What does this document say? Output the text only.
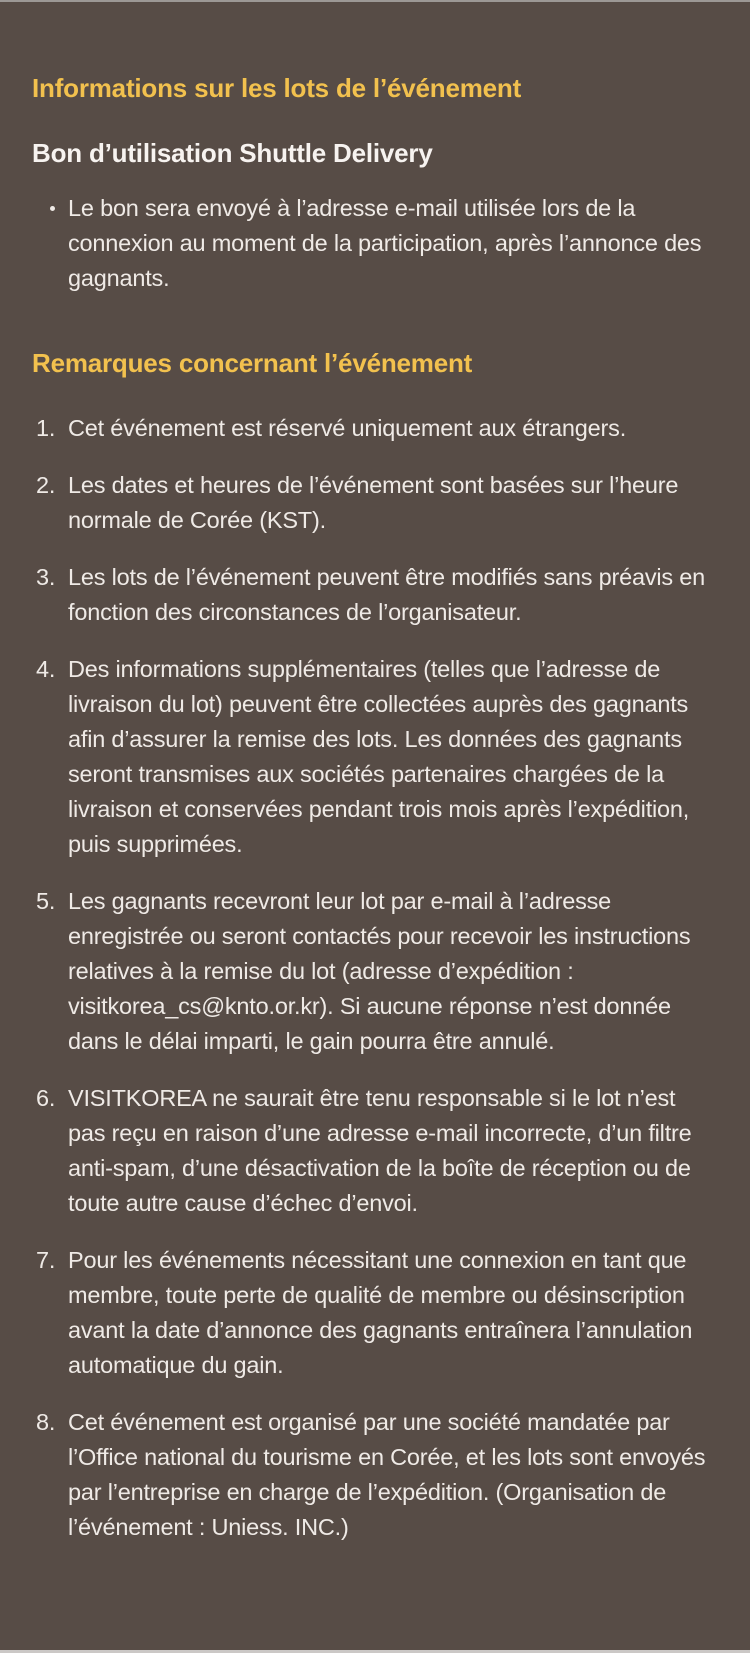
Informations sur les lots de l’événement

Bon d’utilisation Shuttle Delivery

Le bon sera envoyé à l’adresse e-mail utilisée lors de la connexion au moment de la participation, après l’annonce des gagnants.
Remarques concernant l’événement
Cet événement est réservé uniquement aux étrangers.
Les dates et heures de l’événement sont basées sur l’heure normale de Corée (KST).
Les lots de l’événement peuvent être modifiés sans préavis en fonction des circonstances de l’organisateur.
Des informations supplémentaires (telles que l’adresse de livraison du lot) peuvent être collectées auprès des gagnants afin d’assurer la remise des lots. Les données des gagnants seront transmises aux sociétés partenaires chargées de la livraison et conservées pendant trois mois après l’expédition, puis supprimées.
Les gagnants recevront leur lot par e-mail à l’adresse enregistrée ou seront contactés pour recevoir les instructions relatives à la remise du lot (adresse d’expédition : visitkorea_cs@knto.or.kr). Si aucune réponse n’est donnée dans le délai imparti, le gain pourra être annulé.
VISITKOREA ne saurait être tenu responsable si le lot n’est pas reçu en raison d’une adresse e-mail incorrecte, d’un filtre anti-spam, d’une désactivation de la boîte de réception ou de toute autre cause d’échec d’envoi.
Pour les événements nécessitant une connexion en tant que membre, toute perte de qualité de membre ou désinscription avant la date d’annonce des gagnants entraînera l’annulation automatique du gain.
Cet événement est organisé par une société mandatée par l’Office national du tourisme en Corée, et les lots sont envoyés par l’entreprise en charge de l’expédition. (Organisation de l’événement : Uniess. INC.)
